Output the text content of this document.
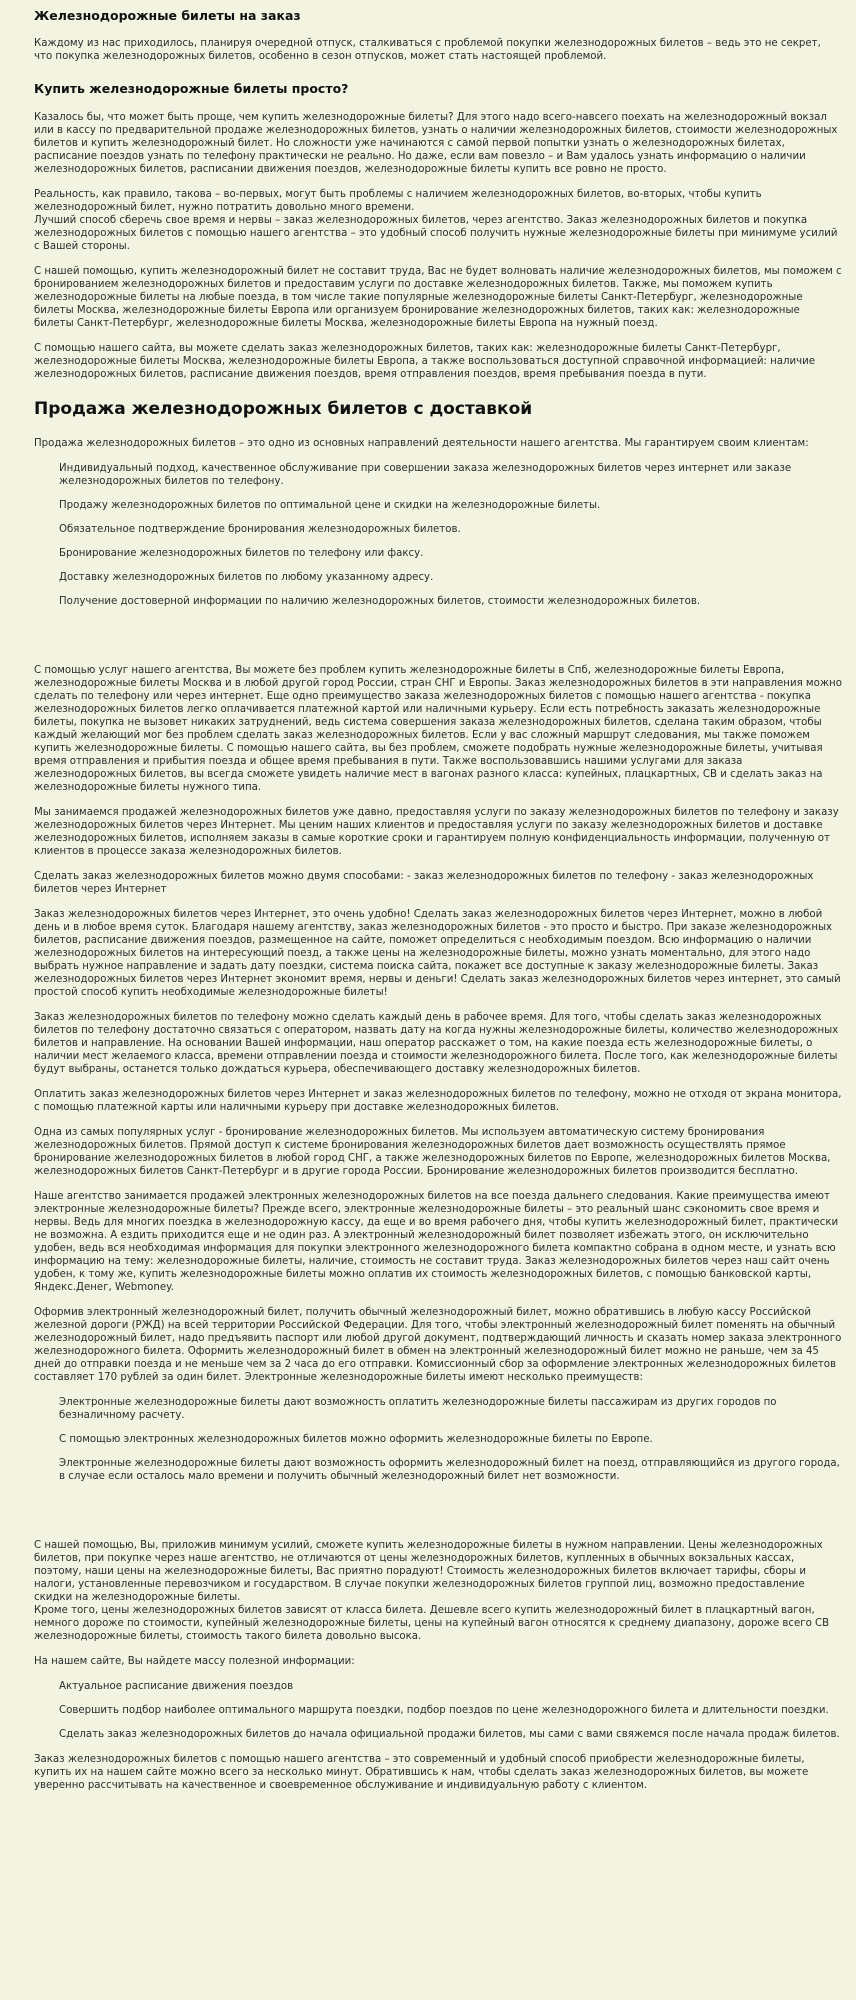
Железнодорожные билеты на заказ

Каждому из нас приходилось, планируя очередной отпуск, сталкиваться с проблемой покупки железнодорожных билетов – ведь это не секрет, что покупка железнодорожных билетов, особенно в сезон отпусков, может стать настоящей проблемой.

Купить железнодорожные билеты просто?

Казалось бы, что может быть проще, чем купить железнодорожные билеты? Для этого надо всего-навсего поехать на железнодорожный вокзал или в кассу по предварительной продаже железнодорожных билетов, узнать о наличии железнодорожных билетов, стоимости железнодорожных билетов и купить железнодорожный билет. Но сложности уже начинаются с самой первой попытки узнать о железнодорожных билетах, расписание поездов узнать по телефону практически не реально. Но даже, если вам повезло – и Вам удалось узнать информацию о наличии железнодорожных билетов, расписании движения поездов, железнодорожные билеты купить все ровно не просто.

Реальность, как правило, такова – во-первых, могут быть проблемы с наличием железнодорожных билетов, во-вторых, чтобы купить железнодорожный билет, нужно потратить довольно много времени.
Лучший способ сберечь свое время и нервы – заказ железнодорожных билетов, через агентство. Заказ железнодорожных билетов и покупка железнодорожных билетов с помощью нашего агентства – это удобный способ получить нужные железнодорожные билеты при минимуме усилий с Вашей стороны.

С нашей помощью, купить железнодорожный билет не составит труда, Вас не будет волновать наличие железнодорожных билетов, мы поможем с бронированием железнодорожных билетов и предоставим услуги по доставке железнодорожных билетов. Также, мы поможем купить железнодорожные билеты на любые поезда, в том числе такие популярные железнодорожные билеты Санкт-Петербург, железнодорожные билеты Москва, железнодорожные билеты Европа или организуем бронирование железнодорожных билетов, таких как: железнодорожные билеты Санкт-Петербург, железнодорожные билеты Москва, железнодорожные билеты Европа на нужный поезд.

С помощью нашего сайта, вы можете сделать заказ железнодорожных билетов, таких как: железнодорожные билеты Санкт-Петербург, железнодорожные билеты Москва, железнодорожные билеты Европа, а также воспользоваться доступной справочной информацией: наличие железнодорожных билетов, расписание движения поездов, время отправления поездов, время пребывания поезда в пути.

Продажа железнодорожных билетов с доставкой

Продажа железнодорожных билетов – это одно из основных направлений деятельности нашего агентства. Мы гарантируем своим клиентам:

Индивидуальный подход, качественное обслуживание при совершении заказа железнодорожных билетов через интернет или заказе железнодорожных билетов по телефону.
Продажу железнодорожных билетов по оптимальной цене и скидки на железнодорожные билеты.
Обязательное подтверждение бронирования железнодорожных билетов.
Бронирование железнодорожных билетов по телефону или факсу.
Доставку железнодорожных билетов по любому указанному адресу.
Получение достоверной информации по наличию железнодорожных билетов, стоимости железнодорожных билетов.

С помощью услуг нашего агентства, Вы можете без проблем купить железнодорожные билеты в Спб, железнодорожные билеты Европа, железнодорожные билеты Москва и в любой другой город России, стран СНГ и Европы. Заказ железнодорожных билетов в эти направления можно сделать по телефону или через интернет. Еще одно преимущество заказа железнодорожных билетов с помощью нашего агентства - покупка железнодорожных билетов легко оплачивается платежной картой или наличными курьеру. Если есть потребность заказать железнодорожные билеты, покупка не вызовет никаких затруднений, ведь система совершения заказа железнодорожных билетов, сделана таким образом, чтобы каждый желающий мог без проблем сделать заказ железнодорожных билетов. Если у вас сложный маршрут следования, мы также поможем купить железнодорожные билеты. С помощью нашего сайта, вы без проблем, сможете подобрать нужные железнодорожные билеты, учитывая время отправления и прибытия поезда и общее время пребывания в пути. Также воспользовавшись нашими услугами для заказа железнодорожных билетов, вы всегда сможете увидеть наличие мест в вагонах разного класса: купейных, плацкартных, СВ и сделать заказ на железнодорожные билеты нужного типа.

Мы занимаемся продажей железнодорожных билетов уже давно, предоставляя услуги по заказу железнодорожных билетов по телефону и заказу железнодорожных билетов через Интернет. Мы ценим наших клиентов и предоставляя услуги по заказу железнодорожных билетов и доставке железнодорожных билетов, исполняем заказы в самые короткие сроки и гарантируем полную конфиденциальность информации, полученную от клиентов в процессе заказа железнодорожных билетов.

Сделать заказ железнодорожных билетов можно двумя способами: - заказ железнодорожных билетов по телефону - заказ железнодорожных билетов через Интернет

Заказ железнодорожных билетов через Интернет, это очень удобно! Сделать заказ железнодорожных билетов через Интернет, можно в любой день и в любое время суток. Благодаря нашему агентству, заказ железнодорожных билетов - это просто и быстро. При заказе железнодорожных билетов, расписание движения поездов, размещенное на сайте, поможет определиться с необходимым поездом. Всю информацию о наличии железнодорожных билетов на интересующий поезд, а также цены на железнодорожные билеты, можно узнать моментально, для этого надо выбрать нужное направление и задать дату поездки, система поиска сайта, покажет все доступные к заказу железнодорожные билеты. Заказ железнодорожных билетов через Интернет экономит время, нервы и деньги! Сделать заказ железнодорожных билетов через интернет, это самый простой способ купить необходимые железнодорожные билеты!

Заказ железнодорожных билетов по телефону можно сделать каждый день в рабочее время. Для того, чтобы сделать заказ железнодорожных билетов по телефону достаточно связаться с оператором, назвать дату на когда нужны железнодорожные билеты, количество железнодорожных билетов и направление. На основании Вашей информации, наш оператор расскажет о том, на какие поезда есть железнодорожные билеты, о наличии мест желаемого класса, времени отправлении поезда и стоимости железнодорожного билета. После того, как железнодорожные билеты будут выбраны, останется только дождаться курьера, обеспечивающего доставку железнодорожных билетов.

Оплатить заказ железнодорожных билетов через Интернет и заказ железнодорожных билетов по телефону, можно не отходя от экрана монитора, с помощью платежной карты или наличными курьеру при доставке железнодорожных билетов.

Одна из самых популярных услуг - бронирование железнодорожных билетов. Мы используем автоматическую систему бронирования железнодорожных билетов. Прямой доступ к системе бронирования железнодорожных билетов дает возможность осуществлять прямое бронирование железнодорожных билетов в любой город СНГ, а также железнодорожных билетов по Европе, железнодорожных билетов Москва, железнодорожных билетов Санкт-Петербург и в другие города России. Бронирование железнодорожных билетов производится бесплатно.

Наше агентство занимается продажей электронных железнодорожных билетов на все поезда дальнего следования. Какие преимущества имеют электронные железнодорожные билеты? Прежде всего, электронные железнодорожные билеты – это реальный шанс сэкономить свое время и нервы. Ведь для многих поездка в железнодорожную кассу, да еще и во время рабочего дня, чтобы купить железнодорожный билет, практически не возможна. А ездить приходится еще и не один раз. А электронный железнодорожный билет позволяет избежать этого, он исключительно удобен, ведь вся необходимая информация для покупки электронного железнодорожного билета компактно собрана в одном месте, и узнать всю информацию на тему: железнодорожные билеты, наличие, стоимость не составит труда. Заказ железнодорожных билетов через наш сайт очень удобен, к тому же, купить железнодорожные билеты можно оплатив их стоимость железнодорожных билетов, с помощью банковской карты, Яндекс.Денег, Webmoney.

Оформив электронный железнодорожный билет, получить обычный железнодорожный билет, можно обратившись в любую кассу Российской железной дороги (РЖД) на всей территории Российской Федерации. Для того, чтобы электронный железнодорожный билет поменять на обычный железнодорожный билет, надо предъявить паспорт или любой другой документ, подтверждающий личность и сказать номер заказа электронного железнодорожного билета. Оформить железнодорожный билет в обмен на электронный железнодорожный билет можно не раньше, чем за 45 дней до отправки поезда и не меньше чем за 2 часа до его отправки. Комиссионный сбор за оформление электронных железнодорожных билетов составляет 170 рублей за один билет. Электронные железнодорожные билеты имеют несколько преимуществ:

Электронные железнодорожные билеты дают возможность оплатить железнодорожные билеты пассажирам из других городов по безналичному расчету.
С помощью электронных железнодорожных билетов можно оформить железнодорожные билеты по Европе.
Электронные железнодорожные билеты дают возможность оформить железнодорожный билет на поезд, отправляющийся из другого города, в случае если осталось мало времени и получить обычный железнодорожный билет нет возможности.

С нашей помощью, Вы, приложив минимум усилий, сможете купить железнодорожные билеты в нужном направлении. Цены железнодорожных билетов, при покупке через наше агентство, не отличаются от цены железнодорожных билетов, купленных в обычных вокзальных кассах, поэтому, наши цены на железнодорожные билеты, Вас приятно порадуют! Стоимость железнодорожных билетов включает тарифы, сборы и налоги, установленные перевозчиком и государством. В случае покупки железнодорожных билетов группой лиц, возможно предоставление скидки на железнодорожные билеты.
Кроме того, цены железнодорожных билетов зависят от класса билета. Дешевле всего купить железнодорожный билет в плацкартный вагон, немного дороже по стоимости, купейный железнодорожные билеты, цены на купейный вагон относятся к среднему диапазону, дороже всего СВ железнодорожные билеты, стоимость такого билета довольно высока.

На нашем сайте, Вы найдете массу полезной информации:

Актуальное расписание движения поездов
Совершить подбор наиболее оптимального маршрута поездки, подбор поездов по цене железнодорожного билета и длительности поездки.
Сделать заказ железнодорожных билетов до начала официальной продажи билетов, мы сами с вами свяжемся после начала продаж билетов.

Заказ железнодорожных билетов с помощью нашего агентства – это современный и удобный способ приобрести железнодорожные билеты, купить их на нашем сайте можно всего за несколько минут. Обратившись к нам, чтобы сделать заказ железнодорожных билетов, вы можете уверенно рассчитывать на качественное и своевременное обслуживание и индивидуальную работу с клиентом.
